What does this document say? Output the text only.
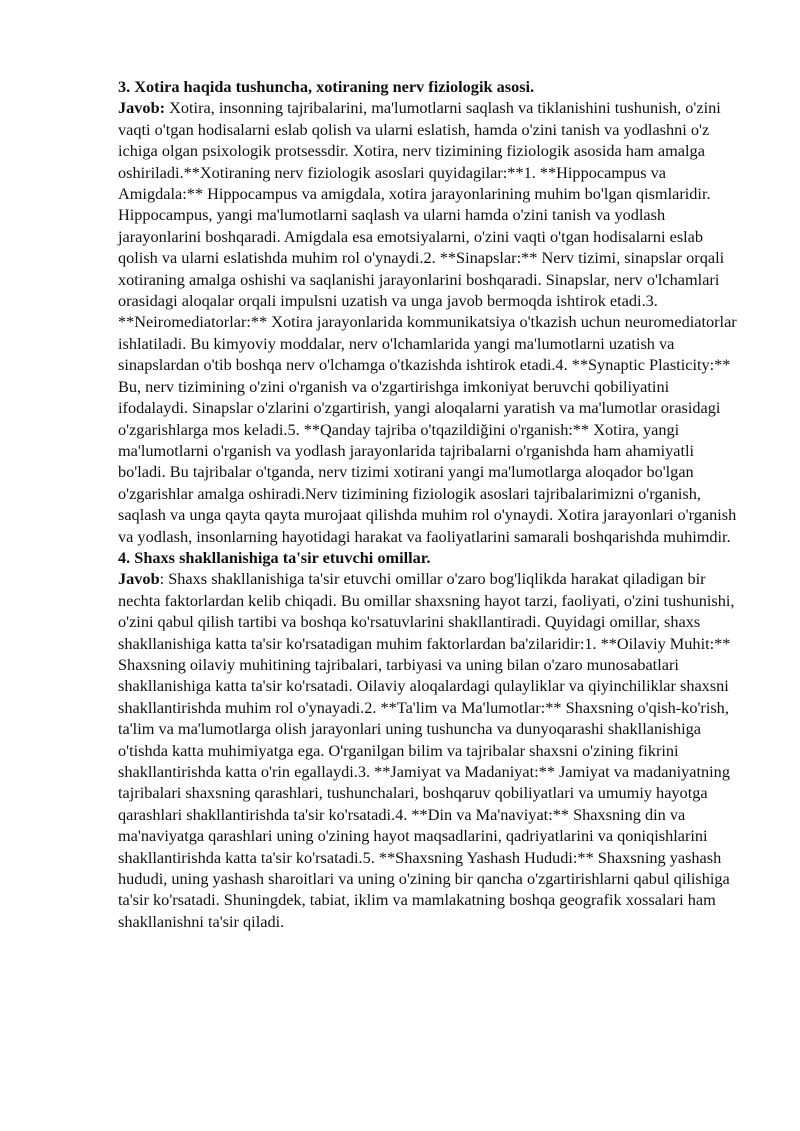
3. Xotira haqida tushuncha, xotiraning nerv fiziologik asosi.

Javob: Xotira, insonning tajribalarini, ma'lumotlarni saqlash va tiklanishini tushunish, o'zini vaqti o'tgan hodisalarni eslab qolish va ularni eslatish, hamda o'zini tanish va yodlashni o'z ichiga olgan psixologik protsessdir. Xotira, nerv tizimining fiziologik asosida ham amalga oshiriladi.**Xotiraning nerv fiziologik asoslari quyidagilar:**1. **Hippocampus va Amigdala:** Hippocampus va amigdala, xotira jarayonlarining muhim bo'lgan qismlaridir. Hippocampus, yangi ma'lumotlarni saqlash va ularni hamda o'zini tanish va yodlash jarayonlarini boshqaradi. Amigdala esa emotsiyalarni, o'zini vaqti o'tgan hodisalarni eslab qolish va ularni eslatishda muhim rol o'ynaydi.2. **Sinapslar:** Nerv tizimi, sinapslar orqali xotiraning amalga oshishi va saqlanishi jarayonlarini boshqaradi. Sinapslar, nerv o'lchamlari orasidagi aloqalar orqali impulsni uzatish va unga javob bermoqda ishtirok etadi.3. **Neiromediatorlar:** Xotira jarayonlarida kommunikatsiya o'tkazish uchun neuromediatorlar ishlatiladi. Bu kimyoviy moddalar, nerv o'lchamlarida yangi ma'lumotlarni uzatish va sinapslardan o'tib boshqa nerv o'lchamga o'tkazishda ishtirok etadi.4. **Synaptic Plasticity:** Bu, nerv tizimining o'zini o'rganish va o'zgartirishga imkoniyat beruvchi qobiliyatini ifodalaydi. Sinapslar o'zlarini o'zgartirish, yangi aloqalarni yaratish va ma'lumotlar orasidagi o'zgarishlarga mos keladi.5. **Qanday tajriba o'tqazildiğini o'rganish:** Xotira, yangi ma'lumotlarni o'rganish va yodlash jarayonlarida tajribalarni o'rganishda ham ahamiyatli bo'ladi. Bu tajribalar o'tganda, nerv tizimi xotirani yangi ma'lumotlarga aloqador bo'lgan o'zgarishlar amalga oshiradi.Nerv tizimining fiziologik asoslari tajribalarimizni o'rganish, saqlash va unga qayta qayta murojaat qilishda muhim rol o'ynaydi. Xotira jarayonlari o'rganish va yodlash, insonlarning hayotidagi harakat va faoliyatlarini samarali boshqarishda muhimdir.

4. Shaxs shakllanishiga ta'sir etuvchi omillar.

Javob: Shaxs shakllanishiga ta'sir etuvchi omillar o'zaro bog'liqlikda harakat qiladigan bir nechta faktorlardan kelib chiqadi. Bu omillar shaxsning hayot tarzi, faoliyati, o'zini tushunishi, o'zini qabul qilish tartibi va boshqa ko'rsatuvlarini shakllantiradi. Quyidagi omillar, shaxs shakllanishiga katta ta'sir ko'rsatadigan muhim faktorlardan ba'zilaridir:1. **Oilaviy Muhit:** Shaxsning oilaviy muhitining tajribalari, tarbiyasi va uning bilan o'zaro munosabatlari shakllanishiga katta ta'sir ko'rsatadi. Oilaviy aloqalardagi qulayliklar va qiyinchiliklar shaxsni shakllantirishda muhim rol o'ynayadi.2. **Ta'lim va Ma'lumotlar:** Shaxsning o'qish-ko'rish, ta'lim va ma'lumotlarga olish jarayonlari uning tushuncha va dunyoqarashi shakllanishiga o'tishda katta muhimiyatga ega. O'rganilgan bilim va tajribalar shaxsni o'zining fikrini shakllantirishda katta o'rin egallaydi.3. **Jamiyat va Madaniyat:** Jamiyat va madaniyatning tajribalari shaxsning qarashlari, tushunchalari, boshqaruv qobiliyatlari va umumiy hayotga qarashlari shakllantirishda ta'sir ko'rsatadi.4. **Din va Ma'naviyat:** Shaxsning din va ma'naviyatga qarashlari uning o'zining hayot maqsadlarini, qadriyatlarini va qoniqishlarini shakllantirishda katta ta'sir ko'rsatadi.5. **Shaxsning Yashash Hududi:** Shaxsning yashash hududi, uning yashash sharoitlari va uning o'zining bir qancha o'zgartirishlarni qabul qilishiga ta'sir ko'rsatadi. Shuningdek, tabiat, iklim va mamlakatning boshqa geografik xossalari ham shakllanishni ta'sir qiladi.
